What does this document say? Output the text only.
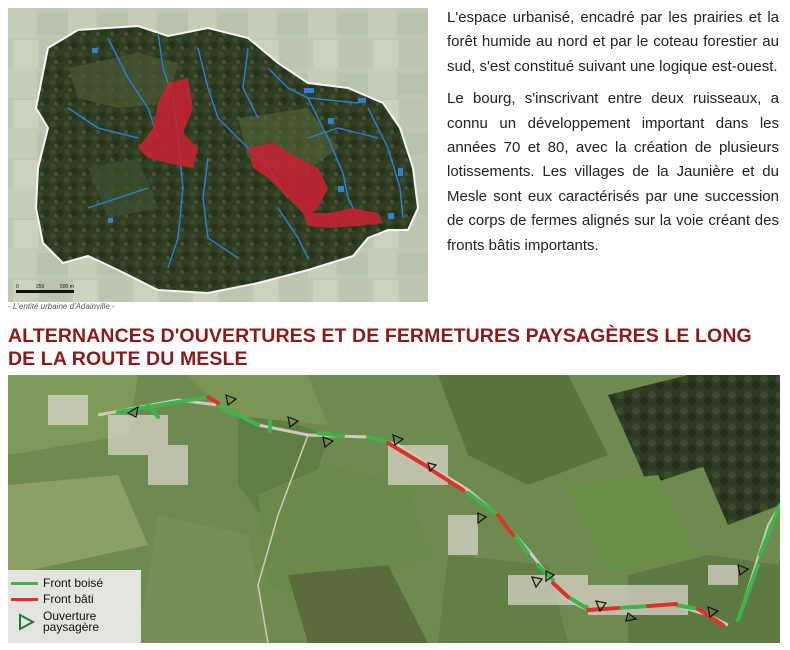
0	250	500 m
- L'entité urbaine d'Adainville -

L'espace urbanisé, encadré par les prairies et la forêt humide au nord et par le coteau forestier au sud, s'est constitué suivant une logique est-ouest.

Le bourg, s'inscrivant entre deux ruisseaux, a connu un développement important dans les années 70 et 80, avec la création de plusieurs lotissements. Les villages de la Jaunière et du Mesle sont eux caractérisés par une succession de corps de fermes alignés sur la voie créant des fronts bâtis importants.

ALTERNANCES D'OUVERTURES ET DE FERMETURES PAYSAGÈRES LE LONG DE LA ROUTE DU MESLE
Front boisé
Front bâti
Ouverture
paysagère
